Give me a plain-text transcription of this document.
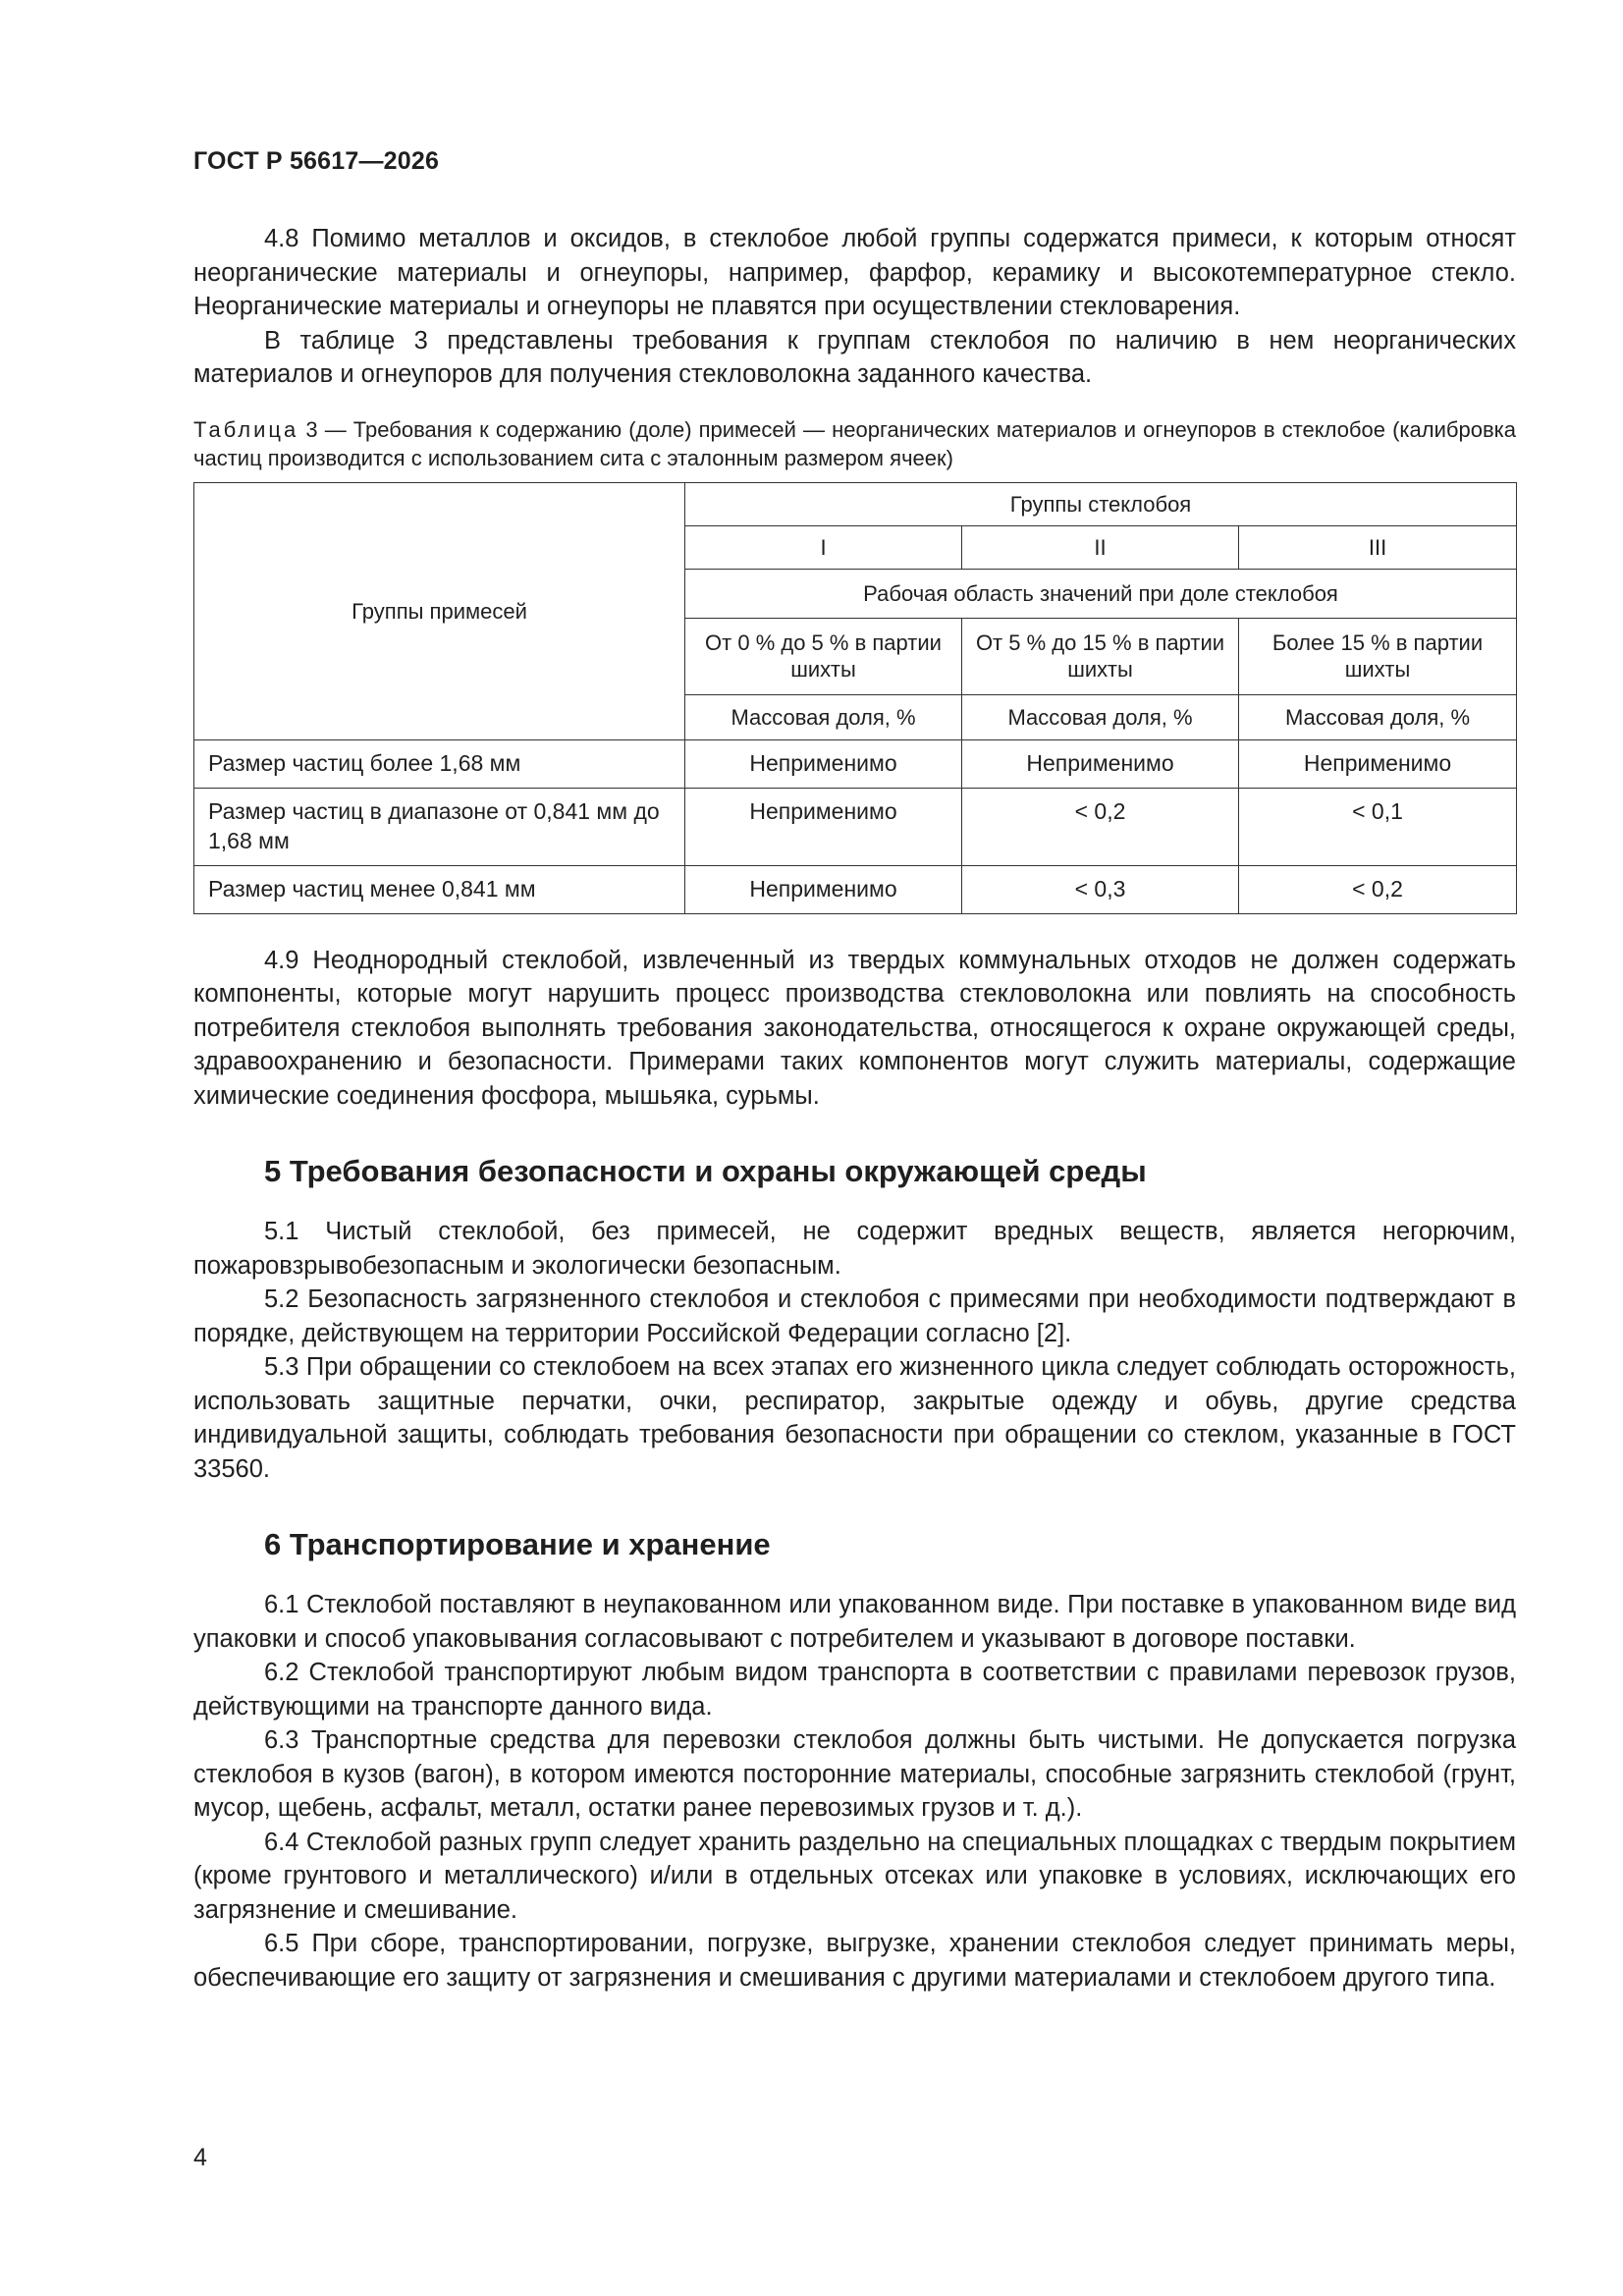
ГОСТ Р 56617—2026

4.8 Помимо металлов и оксидов, в стеклобое любой группы содержатся примеси, к которым относят неорганические материалы и огнеупоры, например, фарфор, керамику и высокотемпературное стекло. Неорганические материалы и огнеупоры не плавятся при осуществлении стекловарения.

В таблице 3 представлены требования к группам стеклобоя по наличию в нем неорганических материалов и огнеупоров для получения стекловолокна заданного качества.

Таблица 3 — Требования к содержанию (доле) примесей — неорганических материалов и огнеупоров в стеклобое (калибровка частиц производится с использованием сита с эталонным размером ячеек)
Группы примесей	Группы стеклобоя		
	I	II	III
	Рабочая область значений при доле стеклобоя		
	От 0 % до 5 % в партии шихты	От 5 % до 15 % в партии шихты	Более 15 % в партии шихты
	Массовая доля, %	Массовая доля, %	Массовая доля, %
Размер частиц более 1,68 мм	Неприменимо	Неприменимо	Неприменимо
Размер частиц в диапазоне от 0,841 мм до 1,68 мм	Неприменимо	< 0,2	< 0,1
Размер частиц менее 0,841 мм	Неприменимо	< 0,3	< 0,2

4.9 Неоднородный стеклобой, извлеченный из твердых коммунальных отходов не должен содержать компоненты, которые могут нарушить процесс производства стекловолокна или повлиять на способность потребителя стеклобоя выполнять требования законодательства, относящегося к охране окружающей среды, здравоохранению и безопасности. Примерами таких компонентов могут служить материалы, содержащие химические соединения фосфора, мышьяка, сурьмы.

5 Требования безопасности и охраны окружающей среды

5.1 Чистый стеклобой, без примесей, не содержит вредных веществ, является негорючим, пожаровзрывобезопасным и экологически безопасным.

5.2 Безопасность загрязненного стеклобоя и стеклобоя с примесями при необходимости подтверждают в порядке, действующем на территории Российской Федерации согласно [2].

5.3 При обращении со стеклобоем на всех этапах его жизненного цикла следует соблюдать осторожность, использовать защитные перчатки, очки, респиратор, закрытые одежду и обувь, другие средства индивидуальной защиты, соблюдать требования безопасности при обращении со стеклом, указанные в ГОСТ 33560.

6 Транспортирование и хранение

6.1 Стеклобой поставляют в неупакованном или упакованном виде. При поставке в упакованном виде вид упаковки и способ упаковывания согласовывают с потребителем и указывают в договоре поставки.

6.2 Стеклобой транспортируют любым видом транспорта в соответствии с правилами перевозок грузов, действующими на транспорте данного вида.

6.3 Транспортные средства для перевозки стеклобоя должны быть чистыми. Не допускается погрузка стеклобоя в кузов (вагон), в котором имеются посторонние материалы, способные загрязнить стеклобой (грунт, мусор, щебень, асфальт, металл, остатки ранее перевозимых грузов и т. д.).

6.4 Стеклобой разных групп следует хранить раздельно на специальных площадках с твердым покрытием (кроме грунтового и металлического) и/или в отдельных отсеках или упаковке в условиях, исключающих его загрязнение и смешивание.

6.5 При сборе, транспортировании, погрузке, выгрузке, хранении стеклобоя следует принимать меры, обеспечивающие его защиту от загрязнения и смешивания с другими материалами и стеклобоем другого типа.

4
